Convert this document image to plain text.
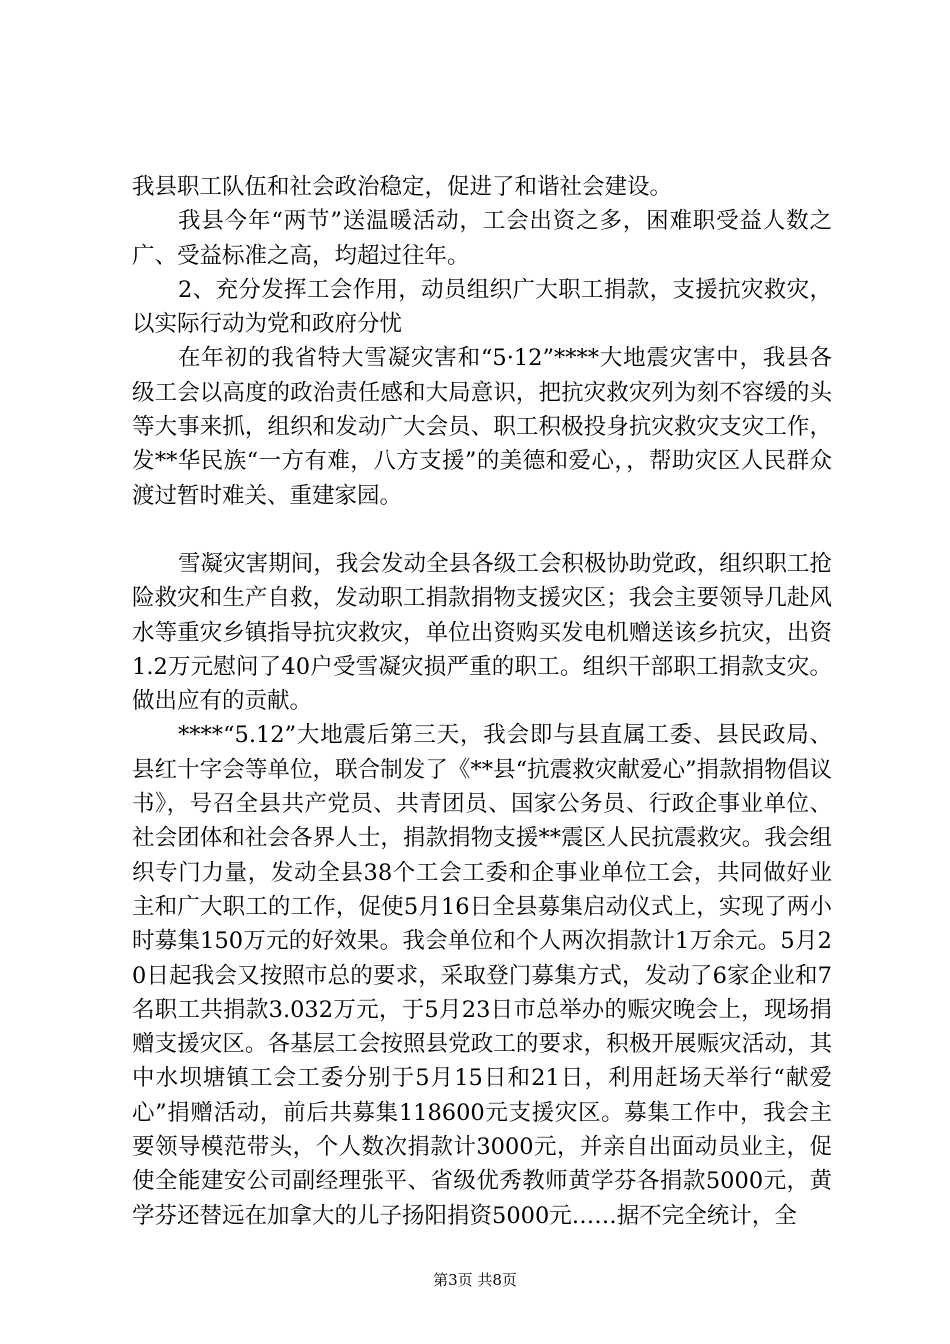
我县职工队伍和社会政治稳定，促进了和谐社会建设。

我县今年“两节”送温暖活动，工会出资之多，困难职受益人数之广、受益标准之高，均超过往年。

2、充分发挥工会作用，动员组织广大职工捐款，支援抗灾救灾，以实际行动为党和政府分忧

在年初的我省特大雪凝灾害和“5·12”****大地震灾害中，我县各级工会以高度的政治责任感和大局意识，把抗灾救灾列为刻不容缓的头等大事来抓，组织和发动广大会员、职工积极投身抗灾救灾支灾工作，发**华民族“一方有难，八方支援”的美德和爱心，，帮助灾区人民群众渡过暂时难关、重建家园。

雪凝灾害期间，我会发动全县各级工会积极协助党政，组织职工抢险救灾和生产自救，发动职工捐款捐物支援灾区；我会主要领导几赴风水等重灾乡镇指导抗灾救灾，单位出资购买发电机赠送该乡抗灾，出资1.2万元慰问了40户受雪凝灾损严重的职工。组织干部职工捐款支灾。做出应有的贡献。

****“5.12”大地震后第三天，我会即与县直属工委、县民政局、县红十字会等单位，联合制发了《**县“抗震救灾献爱心”捐款捐物倡议书》，号召全县共产党员、共青团员、国家公务员、行政企事业单位、社会团体和社会各界人士，捐款捐物支援**震区人民抗震救灾。我会组织专门力量，发动全县38个工会工委和企事业单位工会，共同做好业主和广大职工的工作，促使5月16日全县募集启动仪式上，实现了两小时募集150万元的好效果。我会单位和个人两次捐款计1万余元。5月20日起我会又按照市总的要求，采取登门募集方式，发动了6家企业和7名职工共捐款3.032万元，于5月23日市总举办的赈灾晚会上，现场捐赠支援灾区。各基层工会按照县党政工的要求，积极开展赈灾活动，其中水坝塘镇工会工委分别于5月15日和21日，利用赶场天举行“献爱心”捐赠活动，前后共募集118600元支援灾区。募集工作中，我会主要领导模范带头，个人数次捐款计3000元，并亲自出面动员业主，促使全能建安公司副经理张平、省级优秀教师黄学芬各捐款5000元，黄学芬还替远在加拿大的儿子扬阳捐资5000元……据不完全统计，全

第3页 共8页
